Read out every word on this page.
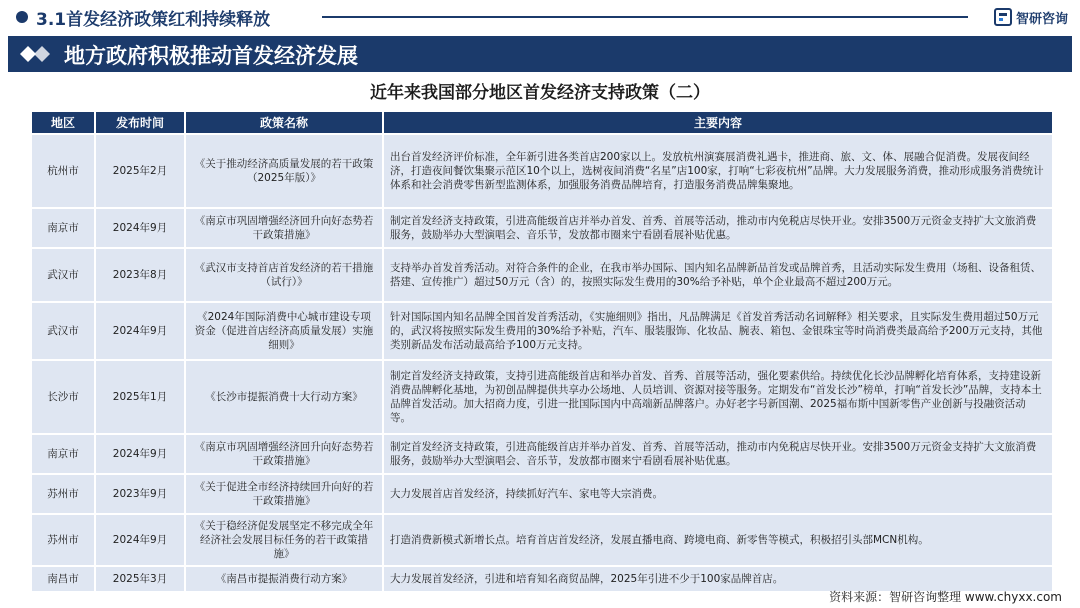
3.1首发经济政策红利持续释放	智研咨询
地方政府积极推动首发经济发展
近年来我国部分地区首发经济支持政策（二）
地区	发布时间	政策名称	主要内容
杭州市	2025年2月	《关于推动经济高质量发展的若干政策（2025年版）》	出台首发经济评价标准，全年新引进各类首店200家以上。发放杭州演赛展消费礼遇卡，推进商、旅、文、体、展融合促消费。发展夜间经济，打造夜间餐饮集聚示范区10个以上，选树夜间消费“名星”店100家，打响“七彩夜杭州”品牌。大力发展服务消费，推动形成服务消费统计体系和社会消费零售新型监测体系，加强服务消费品牌培育，打造服务消费品牌集聚地。
南京市	2024年9月	《南京市巩固增强经济回升向好态势若干政策措施》	制定首发经济支持政策，引进高能级首店并举办首发、首秀、首展等活动，推动市内免税店尽快开业。安排3500万元资金支持扩大文旅消费服务，鼓励举办大型演唱会、音乐节，发放都市圈来宁看剧看展补贴优惠。
武汉市	2023年8月	《武汉市支持首店首发经济的若干措施（试行）》	支持举办首发首秀活动。对符合条件的企业，在我市举办国际、国内知名品牌新品首发或品牌首秀，且活动实际发生费用（场租、设备租赁、搭建、宣传推广）超过50万元（含）的，按照实际发生费用的30%给予补贴，单个企业最高不超过200万元。
武汉市	2024年9月	《2024年国际消费中心城市建设专项资金（促进首店经济高质量发展）实施细则》	针对国际国内知名品牌全国首发首秀活动，《实施细则》指出，凡品牌满足《首发首秀活动名词解释》相关要求，且实际发生费用超过50万元的，武汉将按照实际发生费用的30%给予补贴，汽车、服装服饰、化妆品、腕表、箱包、金银珠宝等时尚消费类最高给予200万元支持，其他类别新品发布活动最高给予100万元支持。
长沙市	2025年1月	《长沙市提振消费十大行动方案》	制定首发经济支持政策，支持引进高能级首店和举办首发、首秀、首展等活动，强化要素供给。持续优化长沙品牌孵化培育体系，支持建设新消费品牌孵化基地，为初创品牌提供共享办公场地、人员培训、资源对接等服务。定期发布“首发长沙”榜单，打响“首发长沙”品牌，支持本土品牌首发活动。加大招商力度，引进一批国际国内中高端新品牌落户。办好老字号新国潮、2025福布斯中国新零售产业创新与投融资活动等。
南京市	2024年9月	《南京市巩固增强经济回升向好态势若干政策措施》	制定首发经济支持政策，引进高能级首店并举办首发、首秀、首展等活动，推动市内免税店尽快开业。安排3500万元资金支持扩大文旅消费服务，鼓励举办大型演唱会、音乐节，发放都市圈来宁看剧看展补贴优惠。
苏州市	2023年9月	《关于促进全市经济持续回升向好的若干政策措施》	大力发展首店首发经济，持续抓好汽车、家电等大宗消费。
苏州市	2024年9月	《关于稳经济促发展坚定不移完成全年经济社会发展目标任务的若干政策措施》	打造消费新模式新增长点。培育首店首发经济，发展直播电商、跨境电商、新零售等模式，积极招引头部MCN机构。
南昌市	2025年3月	《南昌市提振消费行动方案》	大力发展首发经济，引进和培育知名商贸品牌，2025年引进不少于100家品牌首店。
资料来源：智研咨询整理 www.chyxx.com
